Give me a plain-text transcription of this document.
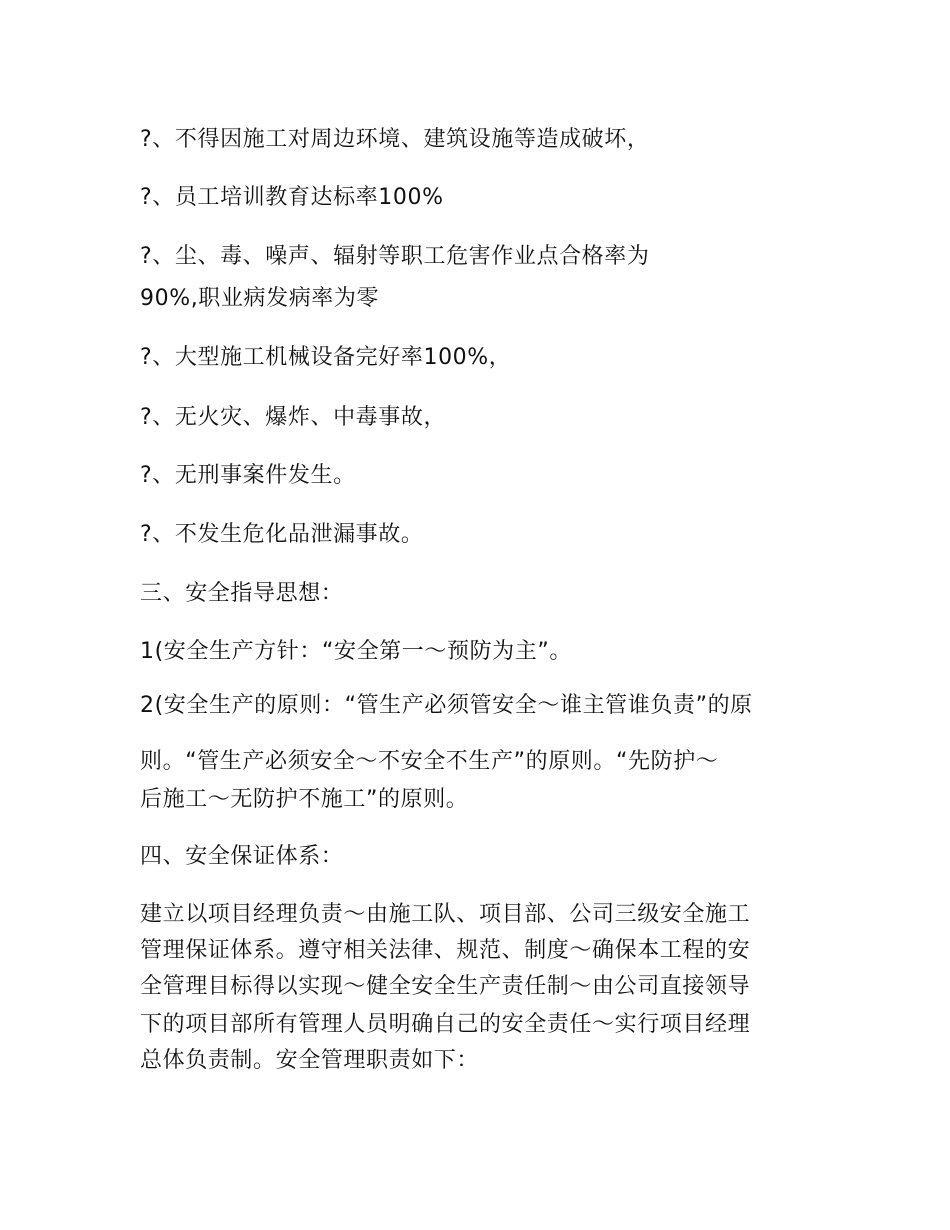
?、不得因施工对周边环境、建筑设施等造成破坏，
?、员工培训教育达标率100%
?、尘、毒、噪声、辐射等职工危害作业点合格率为
90%,职业病发病率为零
?、大型施工机械设备完好率100%，
?、无火灾、爆炸、中毒事故，
?、无刑事案件发生。
?、不发生危化品泄漏事故。
三、安全指导思想：
1(安全生产方针：“安全第一～预防为主”。
2(安全生产的原则：“管生产必须管安全～谁主管谁负责”的原
则。“管生产必须安全～不安全不生产”的原则。“先防护～
后施工～无防护不施工”的原则。
四、安全保证体系：
建立以项目经理负责～由施工队、项目部、公司三级安全施工
管理保证体系。遵守相关法律、规范、制度～确保本工程的安
全管理目标得以实现～健全安全生产责任制～由公司直接领导
下的项目部所有管理人员明确自己的安全责任～实行项目经理
总体负责制。安全管理职责如下：
